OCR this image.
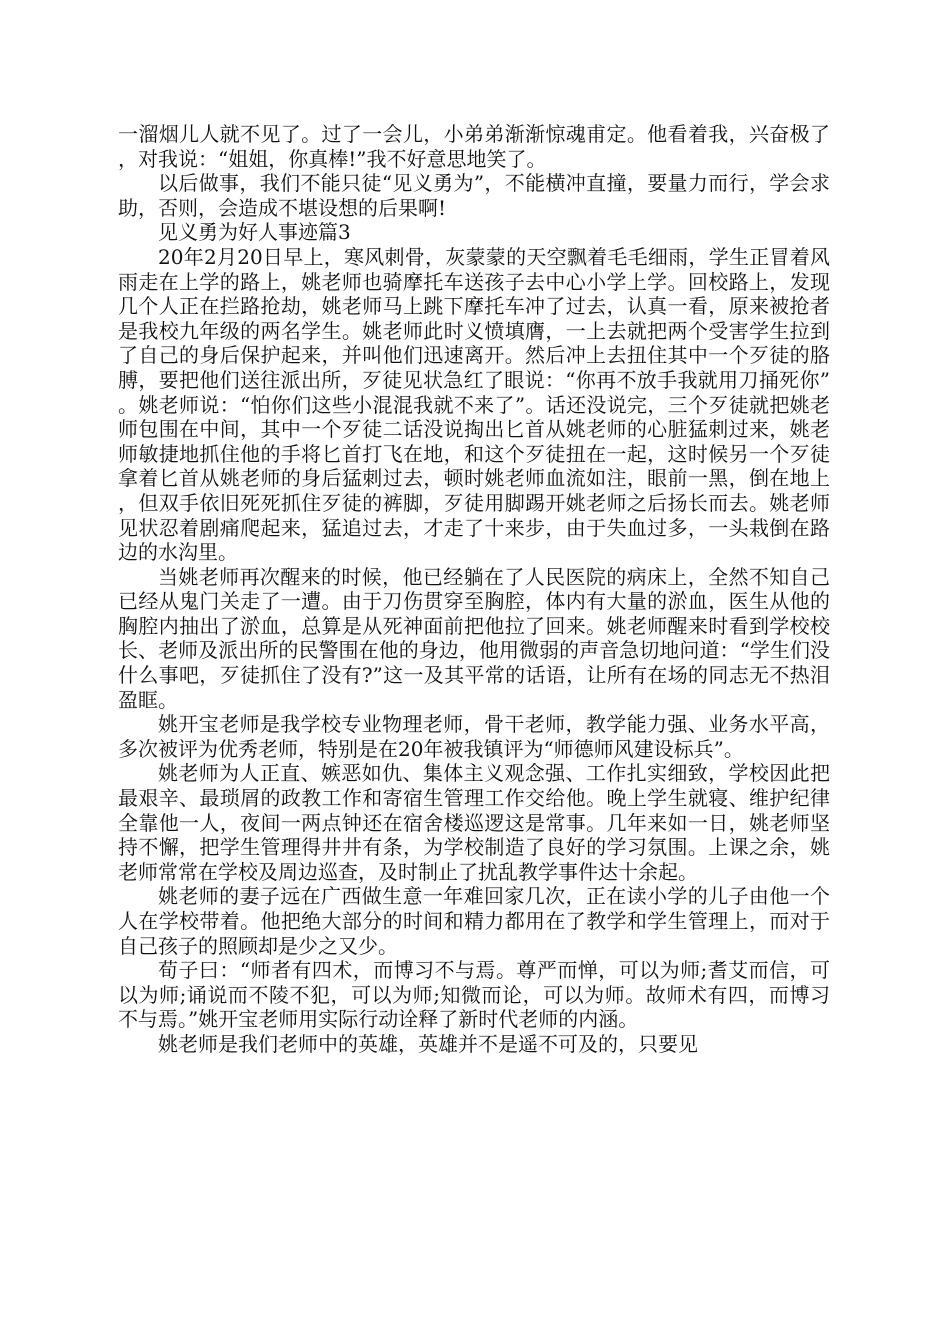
一溜烟儿人就不见了。过了一会儿，小弟弟渐渐惊魂甫定。他看着我，兴奋极了，对我说：“姐姐，你真棒!”我不好意思地笑了。

以后做事，我们不能只徒“见义勇为”，不能横冲直撞，要量力而行，学会求助，否则，会造成不堪设想的后果啊!

见义勇为好人事迹篇3

20年2月20日早上，寒风刺骨，灰蒙蒙的天空飘着毛毛细雨，学生正冒着风雨走在上学的路上，姚老师也骑摩托车送孩子去中心小学上学。回校路上，发现几个人正在拦路抢劫，姚老师马上跳下摩托车冲了过去，认真一看，原来被抢者是我校九年级的两名学生。姚老师此时义愤填膺，一上去就把两个受害学生拉到了自己的身后保护起来，并叫他们迅速离开。然后冲上去扭住其中一个歹徒的胳膊，要把他们送往派出所，歹徒见状急红了眼说：“你再不放手我就用刀捅死你”。姚老师说：“怕你们这些小混混我就不来了”。话还没说完，三个歹徒就把姚老师包围在中间，其中一个歹徒二话没说掏出匕首从姚老师的心脏猛刺过来，姚老师敏捷地抓住他的手将匕首打飞在地，和这个歹徒扭在一起，这时候另一个歹徒拿着匕首从姚老师的身后猛刺过去，顿时姚老师血流如注，眼前一黑，倒在地上，但双手依旧死死抓住歹徒的裤脚，歹徒用脚踢开姚老师之后扬长而去。姚老师见状忍着剧痛爬起来，猛追过去，才走了十来步，由于失血过多，一头栽倒在路边的水沟里。

当姚老师再次醒来的时候，他已经躺在了人民医院的病床上，全然不知自己已经从鬼门关走了一遭。由于刀伤贯穿至胸腔，体内有大量的淤血，医生从他的胸腔内抽出了淤血，总算是从死神面前把他拉了回来。姚老师醒来时看到学校校长、老师及派出所的民警围在他的身边，他用微弱的声音急切地问道：“学生们没什么事吧，歹徒抓住了没有?”这一及其平常的话语，让所有在场的同志无不热泪盈眶。

姚开宝老师是我学校专业物理老师，骨干老师，教学能力强、业务水平高，多次被评为优秀老师，特别是在20年被我镇评为“师德师风建设标兵”。

姚老师为人正直、嫉恶如仇、集体主义观念强、工作扎实细致，学校因此把最艰辛、最琐屑的政教工作和寄宿生管理工作交给他。晚上学生就寝、维护纪律全靠他一人，夜间一两点钟还在宿舍楼巡逻这是常事。几年来如一日，姚老师坚持不懈，把学生管理得井井有条，为学校制造了良好的学习氛围。上课之余，姚老师常常在学校及周边巡查，及时制止了扰乱教学事件达十余起。

姚老师的妻子远在广西做生意一年难回家几次，正在读小学的儿子由他一个人在学校带着。他把绝大部分的时间和精力都用在了教学和学生管理上，而对于自己孩子的照顾却是少之又少。

荀子曰：“师者有四术，而博习不与焉。尊严而惮，可以为师;耆艾而信，可以为师;诵说而不陵不犯，可以为师;知微而论，可以为师。故师术有四，而博习不与焉。”姚开宝老师用实际行动诠释了新时代老师的内涵。

姚老师是我们老师中的英雄，英雄并不是遥不可及的，只要见
